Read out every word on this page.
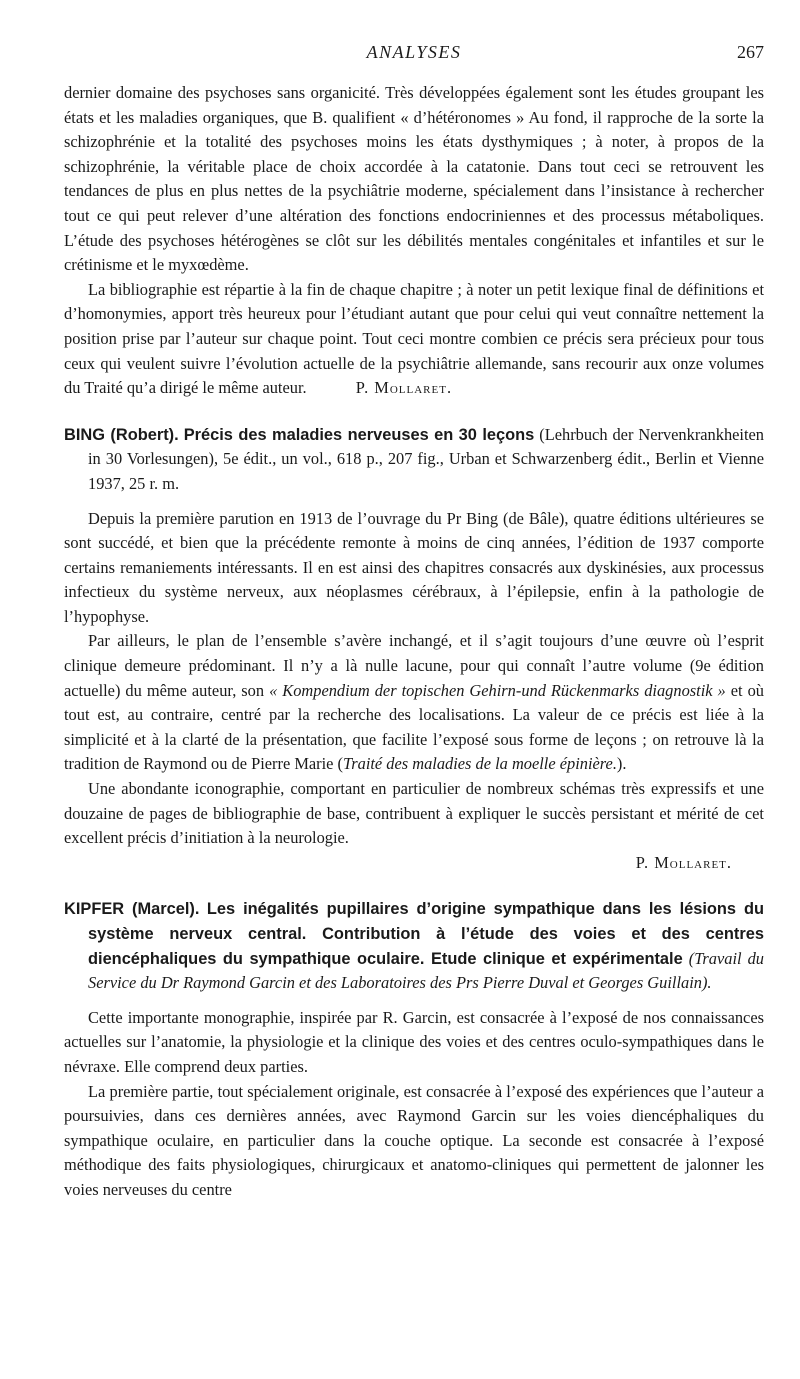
ANALYSES	267

dernier domaine des psychoses sans organicité. Très développées également sont les études groupant les états et les maladies organiques, que B. qualifient « d’hétéronomes » Au fond, il rapproche de la sorte la schizophrénie et la totalité des psychoses moins les états dysthymiques ; à noter, à propos de la schizophrénie, la véritable place de choix accordée à la catatonie. Dans tout ceci se retrouvent les tendances de plus en plus nettes de la psychiâtrie moderne, spécialement dans l’insistance à rechercher tout ce qui peut relever d’une altération des fonctions endocriniennes et des processus métaboliques. L’étude des psychoses hétérogènes se clôt sur les débilités mentales congénitales et infantiles et sur le crétinisme et le myxœdème.

La bibliographie est répartie à la fin de chaque chapitre ; à noter un petit lexique final de définitions et d’homonymies, apport très heureux pour l’étudiant autant que pour celui qui veut connaître nettement la position prise par l’auteur sur chaque point. Tout ceci montre combien ce précis sera précieux pour tous ceux qui veulent suivre l’évolution actuelle de la psychiâtrie allemande, sans recourir aux onze volumes du Traité qu’a dirigé le même auteur.	P. Mollaret.

BING (Robert). Précis des maladies nerveuses en 30 leçons (Lehrbuch der Nervenkrankheiten in 30 Vorlesungen), 5e édit., un vol., 618 p., 207 fig., Urban et Schwarzenberg édit., Berlin et Vienne 1937, 25 r. m.

Depuis la première parution en 1913 de l’ouvrage du Pr Bing (de Bâle), quatre éditions ultérieures se sont succédé, et bien que la précédente remonte à moins de cinq années, l’édition de 1937 comporte certains remaniements intéressants. Il en est ainsi des chapitres consacrés aux dyskinésies, aux processus infectieux du système nerveux, aux néoplasmes cérébraux, à l’épilepsie, enfin à la pathologie de l’hypophyse.

Par ailleurs, le plan de l’ensemble s’avère inchangé, et il s’agit toujours d’une œuvre où l’esprit clinique demeure prédominant. Il n’y a là nulle lacune, pour qui connaît l’autre volume (9e édition actuelle) du même auteur, son « Kompendium der topischen Gehirn-und Rückenmarks diagnostik » et où tout est, au contraire, centré par la recherche des localisations. La valeur de ce précis est liée à la simplicité et à la clarté de la présentation, que facilite l’exposé sous forme de leçons ; on retrouve là la tradition de Raymond ou de Pierre Marie (Traité des maladies de la moelle épinière.).

Une abondante iconographie, comportant en particulier de nombreux schémas très expressifs et une douzaine de pages de bibliographie de base, contribuent à expliquer le succès persistant et mérité de cet excellent précis d’initiation à la neurologie.

P. Mollaret.

KIPFER (Marcel). Les inégalités pupillaires d’origine sympathique dans les lésions du système nerveux central. Contribution à l’étude des voies et des centres diencéphaliques du sympathique oculaire. Etude clinique et expérimentale (Travail du Service du Dr Raymond Garcin et des Laboratoires des Prs Pierre Duval et Georges Guillain).

Cette importante monographie, inspirée par R. Garcin, est consacrée à l’exposé de nos connaissances actuelles sur l’anatomie, la physiologie et la clinique des voies et des centres oculo-sympathiques dans le névraxe. Elle comprend deux parties.

La première partie, tout spécialement originale, est consacrée à l’exposé des expériences que l’auteur a poursuivies, dans ces dernières années, avec Raymond Garcin sur les voies diencéphaliques du sympathique oculaire, en particulier dans la couche optique. La seconde est consacrée à l’exposé méthodique des faits physiologiques, chirurgicaux et anatomo-cliniques qui permettent de jalonner les voies nerveuses du centre
